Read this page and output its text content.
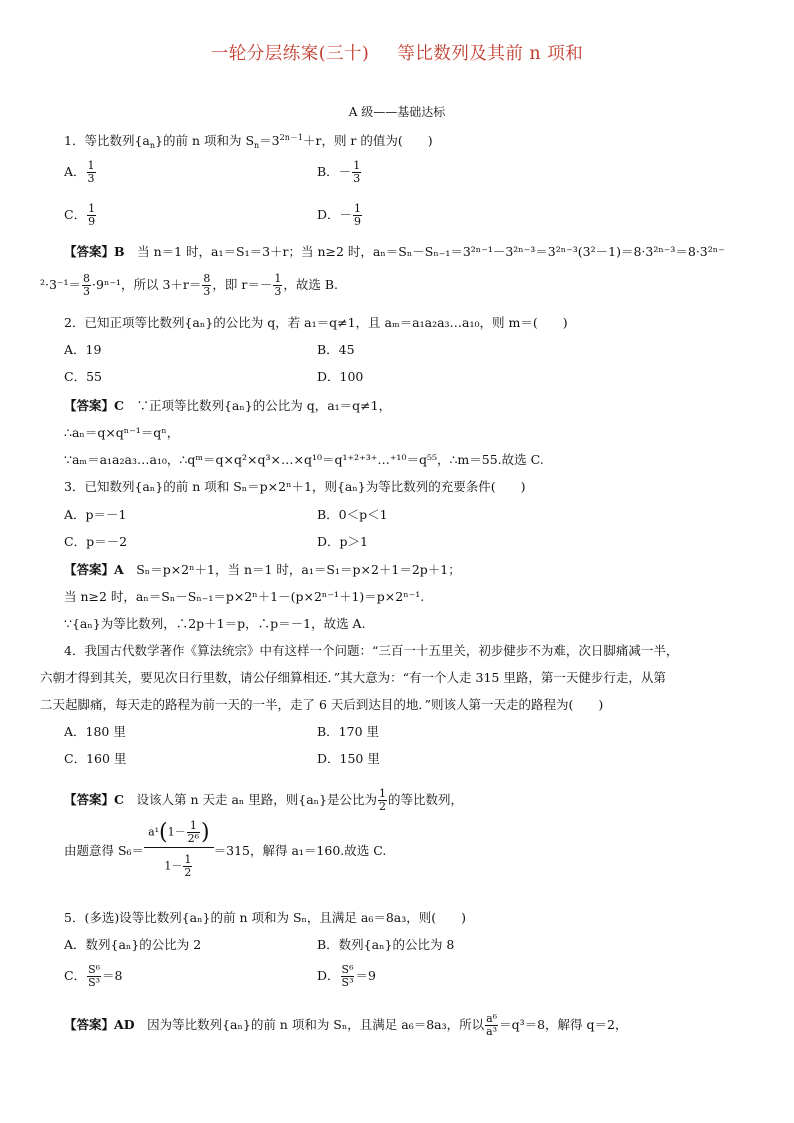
一轮分层练案(三十) 等比数列及其前 n 项和
A 级——基础达标
1．等比数列$\{a_n\}$的前 n 项和为 $S_n=3^{2n-1}+r$，则 r 的值为(　　)
A． $\frac{1}{3}$	B．－ $\frac{1}{3}$
C． $\frac{1}{9}$	D．－ $\frac{1}{9}$
【答案】B　 当 n＝1 时，a₁＝S₁＝3＋r；当 n≥2 时，aₙ＝Sₙ－Sₙ₋₁＝3²ⁿ⁻¹－3²ⁿ⁻³＝3²ⁿ⁻³(3²－1)＝8·3²ⁿ⁻³＝8·3²ⁿ⁻
$^2\cdot 3^{-1}= \frac{8}{3} \cdot 9^{n-1}$，所以 $3+r= \frac{8}{3}$ ，即 $r=- \frac{1}{3}$ ，故选 B.
2．已知正项等比数列{aₙ}的公比为 q，若 a₁＝q≠1，且 aₘ＝a₁a₂a₃…a₁₀，则 m＝(　　)
A．19	B．45
C．55	D．100
【答案】C　 ∵正项等比数列{aₙ}的公比为 q，a₁＝q≠1，
∴aₙ＝q×qⁿ⁻¹＝qⁿ，
∵aₘ＝a₁a₂a₃…a₁₀，∴qᵐ＝q×q²×q³×…×q¹⁰＝q¹⁺²⁺³⁺…⁺¹⁰＝q⁵⁵，∴m＝55.故选 C.
3．已知数列{aₙ}的前 n 项和 Sₙ＝p×2ⁿ＋1，则{aₙ}为等比数列的充要条件(　　)
A．p＝－1	B．0＜p＜1
C．p＝－2	D．p＞1
【答案】A　 Sₙ＝p×2ⁿ＋1，当 n＝1 时，a₁＝S₁＝p×2＋1＝2p＋1；
当 n≥2 时，aₙ＝Sₙ－Sₙ₋₁＝p×2ⁿ＋1－(p×2ⁿ⁻¹＋1)＝p×2ⁿ⁻¹.
∵{aₙ}为等比数列，∴2p＋1＝p，∴p＝－1，故选 A.
4．我国古代数学著作《算法统宗》中有这样一个问题：“三百一十五里关，初步健步不为难，次日脚痛减一半，
六朝才得到其关，要见次日行里数，请公仔细算相还．”其大意为：“有一个人走 315 里路，第一天健步行走，从第
二天起脚痛，每天走的路程为前一天的一半，走了 6 天后到达目的地．”则该人第一天走的路程为(　　)
A．180 里	B．170 里
C．160 里	D．150 里
【答案】C　 设该人第 n 天走 aₙ 里路，则{aₙ}是公比为 $\frac{1}{2}$ 的等比数列，
由题意得 S₆＝
$a^1(1- \frac{1}{\text{2⁶}}$ )
$1- \frac{1}{2}$
＝315，解得 a₁＝160.故选 C.
5．(多选)设等比数列{aₙ}的前 n 项和为 Sₙ，且满足 a₆＝8a₃，则(　　)
A．数列{aₙ}的公比为 2	B．数列{aₙ}的公比为 8
C． $\frac{\text{S⁶}}{\text{S³}} =8$	D． $\frac{\text{S⁶}}{\text{S³}} =9$
【答案】AD　 因为等比数列{aₙ}的前 n 项和为 Sₙ，且满足 a₆＝8a₃，所以 $\frac{\text{a⁶}}{\text{a³}} =q^3=8$，解得 q＝2，
